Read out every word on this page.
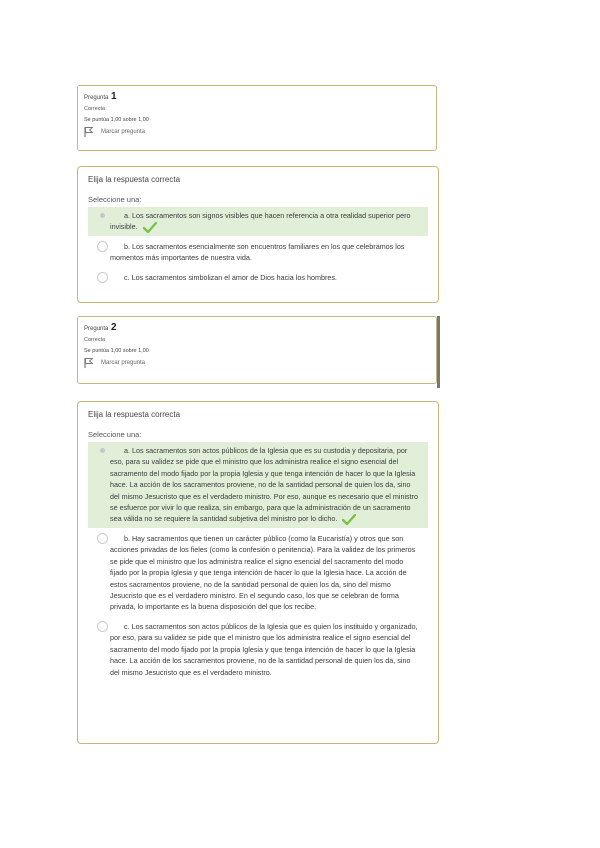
Pregunta 1
Correcta
Se puntúa 1,00 sobre 1,00
Marcar pregunta
Elija la respuesta correcta
Seleccione una:
a. Los sacramentos son signos visibles que hacen referencia a otra realidad superior pero invisible.
b. Los sacramentos esencialmente son encuentros familiares en los que celebramos los momentos más importantes de nuestra vida.
c. Los sacramentos simbolizan el amor de Dios hacia los hombres.
Pregunta 2
Correcta
Se puntúa 1,00 sobre 1,00
Marcar pregunta
Elija la respuesta correcta
Seleccione una:
a. Los sacramentos son actos públicos de la Iglesia que es su custodia y depositaria, por eso, para su validez se pide que el ministro que los administra realice el signo esencial del sacramento del modo fijado por la propia Iglesia y que tenga intención de hacer lo que la Iglesia hace. La acción de los sacramentos proviene, no de la santidad personal de quien los da, sino del mismo Jesucristo que es el verdadero ministro. Por eso, aunque es necesario que el ministro se esfuerce por vivir lo que realiza, sin embargo, para que la administración de un sacramento sea válida no se requiere la santidad subjetiva del ministro por lo dicho.
b. Hay sacramentos que tienen un carácter público (como la Eucaristía) y otros que son acciones privadas de los fieles (como la confesión o penitencia). Para la validez de los primeros se pide que el ministro que los administra realice el signo esencial del sacramento del modo fijado por la propia Iglesia y que tenga intención de hacer lo que la Iglesia hace. La acción de estos sacramentos proviene, no de la santidad personal de quien los da, sino del mismo Jesucristo que es el verdadero ministro. En el segundo caso, los que se celebran de forma privada, lo importante es la buena disposición del que los recibe.
c. Los sacramentos son actos públicos de la Iglesia que es quien los instituido y organizado, por eso, para su validez se pide que el ministro que los administra realice el signo esencial del sacramento del modo fijado por la propia Iglesia y que tenga intención de hacer lo que la Iglesia hace. La acción de los sacramentos proviene, no de la santidad personal de quien los da, sino del mismo Jesucristo que es el verdadero ministro.
